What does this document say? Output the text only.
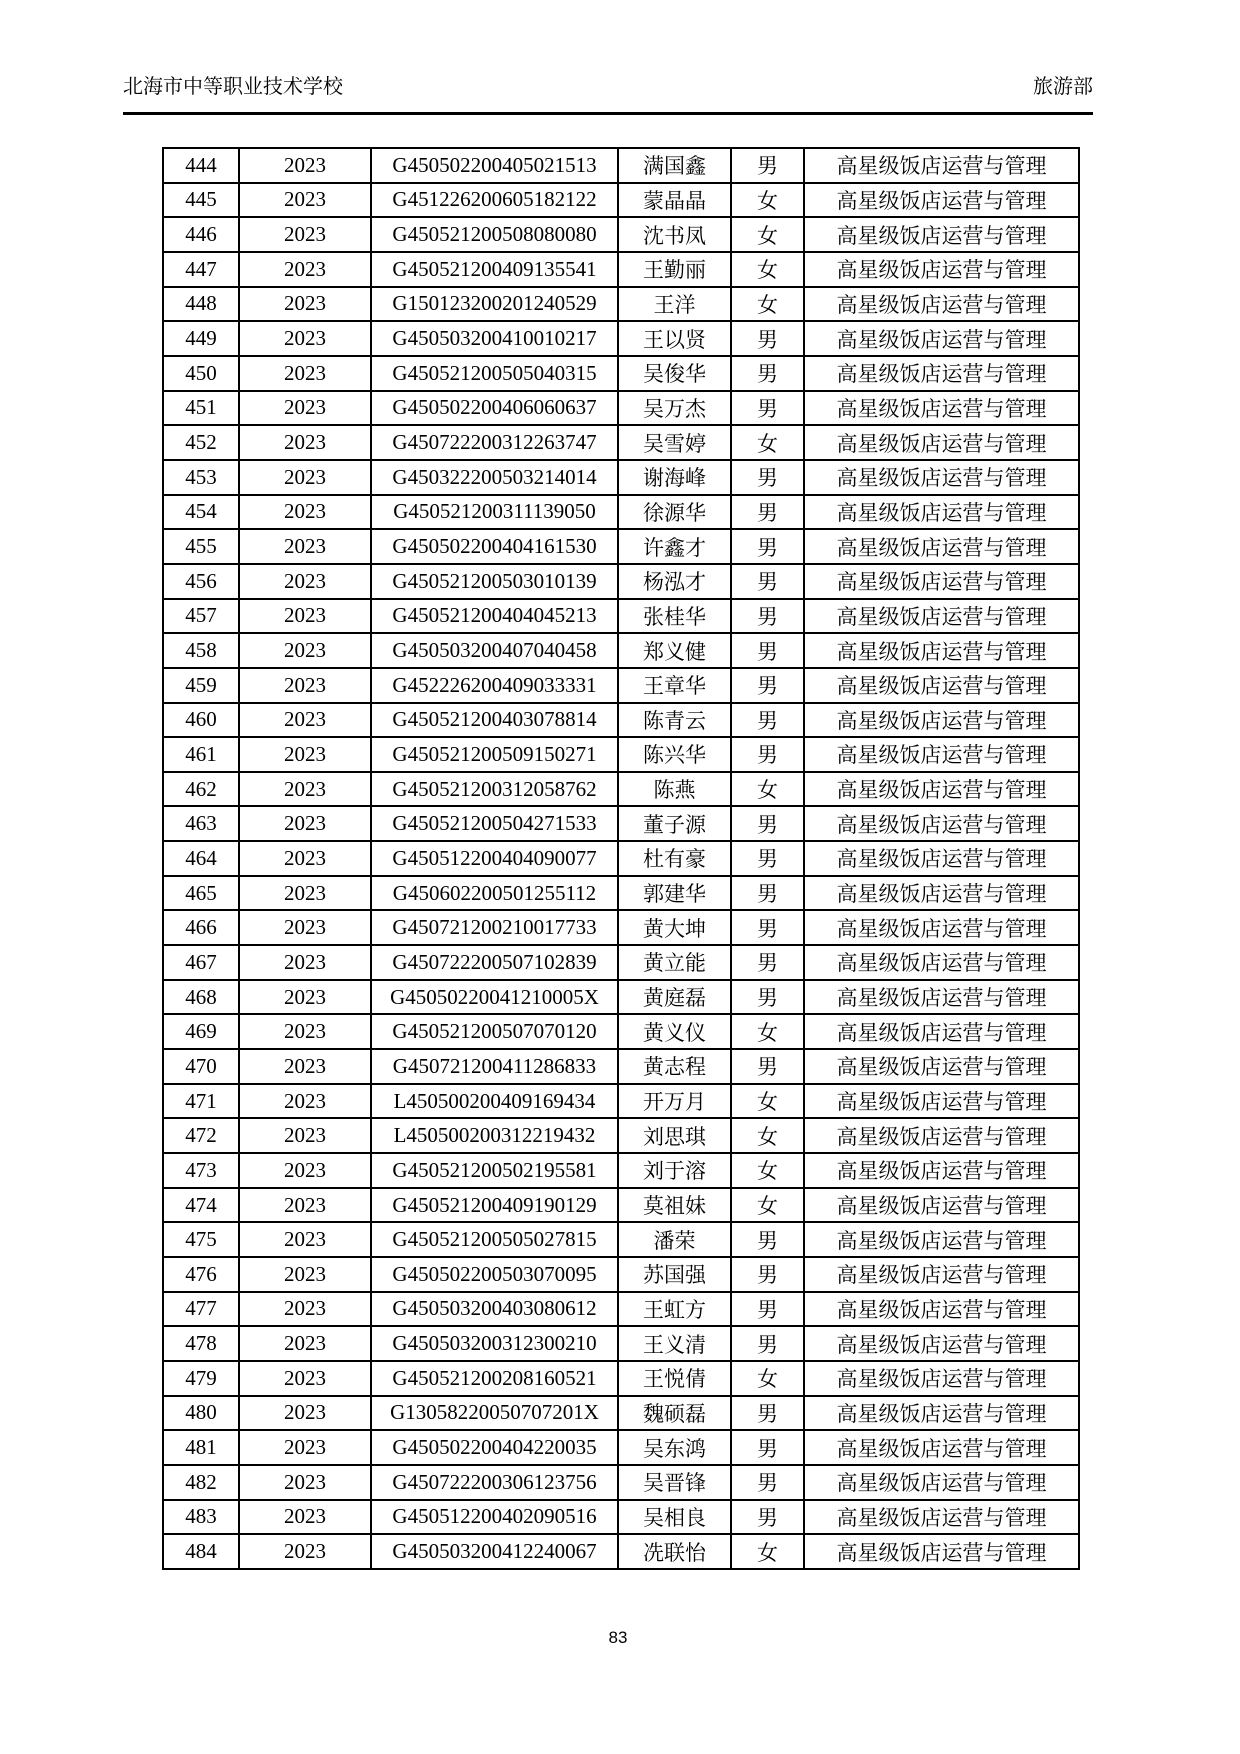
北海市中等职业技术学校	旅游部
444	2023	G450502200405021513	满国鑫	男	高星级饭店运营与管理
445	2023	G451226200605182122	蒙晶晶	女	高星级饭店运营与管理
446	2023	G450521200508080080	沈书凤	女	高星级饭店运营与管理
447	2023	G450521200409135541	王勤丽	女	高星级饭店运营与管理
448	2023	G150123200201240529	王洋	女	高星级饭店运营与管理
449	2023	G450503200410010217	王以贤	男	高星级饭店运营与管理
450	2023	G450521200505040315	吴俊华	男	高星级饭店运营与管理
451	2023	G450502200406060637	吴万杰	男	高星级饭店运营与管理
452	2023	G450722200312263747	吴雪婷	女	高星级饭店运营与管理
453	2023	G450322200503214014	谢海峰	男	高星级饭店运营与管理
454	2023	G450521200311139050	徐源华	男	高星级饭店运营与管理
455	2023	G450502200404161530	许鑫才	男	高星级饭店运营与管理
456	2023	G450521200503010139	杨泓才	男	高星级饭店运营与管理
457	2023	G450521200404045213	张桂华	男	高星级饭店运营与管理
458	2023	G450503200407040458	郑义健	男	高星级饭店运营与管理
459	2023	G452226200409033331	王章华	男	高星级饭店运营与管理
460	2023	G450521200403078814	陈青云	男	高星级饭店运营与管理
461	2023	G450521200509150271	陈兴华	男	高星级饭店运营与管理
462	2023	G450521200312058762	陈燕	女	高星级饭店运营与管理
463	2023	G450521200504271533	董子源	男	高星级饭店运营与管理
464	2023	G450512200404090077	杜有豪	男	高星级饭店运营与管理
465	2023	G450602200501255112	郭建华	男	高星级饭店运营与管理
466	2023	G450721200210017733	黄大坤	男	高星级饭店运营与管理
467	2023	G450722200507102839	黄立能	男	高星级饭店运营与管理
468	2023	G45050220041210005X	黄庭磊	男	高星级饭店运营与管理
469	2023	G450521200507070120	黄义仪	女	高星级饭店运营与管理
470	2023	G450721200411286833	黄志程	男	高星级饭店运营与管理
471	2023	L450500200409169434	开万月	女	高星级饭店运营与管理
472	2023	L450500200312219432	刘思琪	女	高星级饭店运营与管理
473	2023	G450521200502195581	刘于溶	女	高星级饭店运营与管理
474	2023	G450521200409190129	莫祖妹	女	高星级饭店运营与管理
475	2023	G450521200505027815	潘荣	男	高星级饭店运营与管理
476	2023	G450502200503070095	苏国强	男	高星级饭店运营与管理
477	2023	G450503200403080612	王虹方	男	高星级饭店运营与管理
478	2023	G450503200312300210	王义清	男	高星级饭店运营与管理
479	2023	G450521200208160521	王悦倩	女	高星级饭店运营与管理
480	2023	G13058220050707201X	魏硕磊	男	高星级饭店运营与管理
481	2023	G450502200404220035	吴东鸿	男	高星级饭店运营与管理
482	2023	G450722200306123756	吴晋锋	男	高星级饭店运营与管理
483	2023	G450512200402090516	吴相良	男	高星级饭店运营与管理
484	2023	G450503200412240067	冼联怡	女	高星级饭店运营与管理
83
